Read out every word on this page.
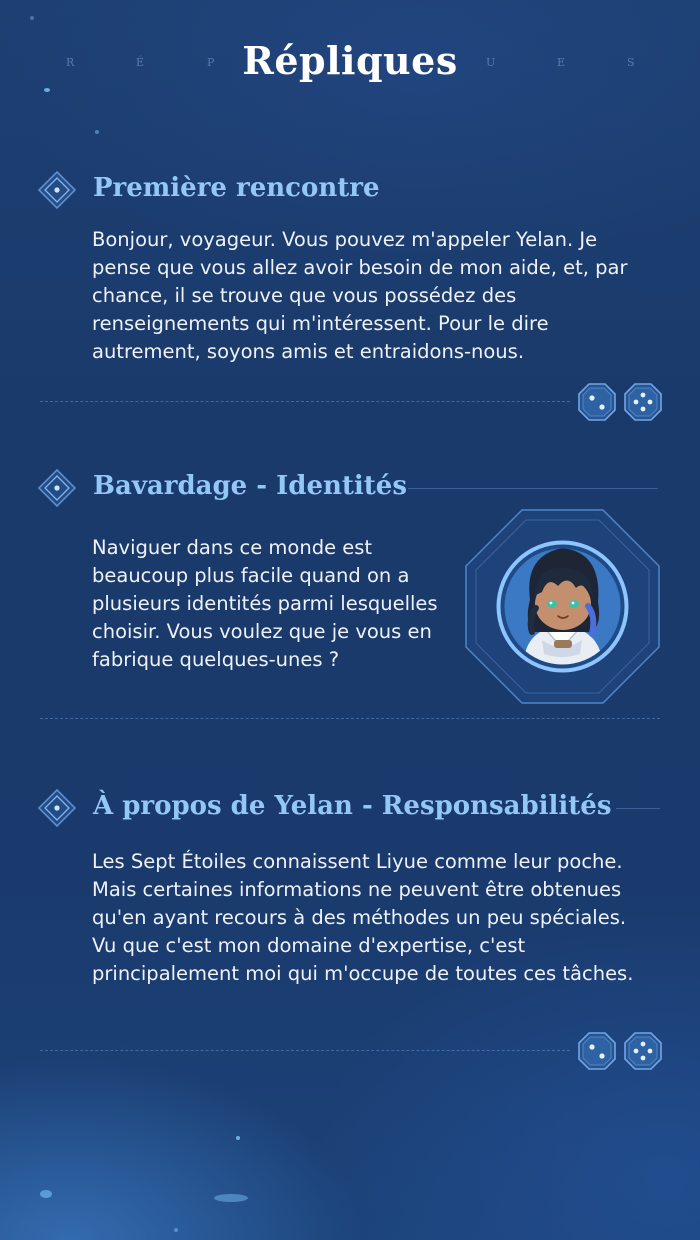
R	É	P	U	E	S
Répliques
Première rencontre
Bonjour, voyageur. Vous pouvez m'appeler Yelan. Je pense que vous allez avoir besoin de mon aide, et, par chance, il se trouve que vous possédez des renseignements qui m'intéressent. Pour le dire autrement, soyons amis et entraidons-nous.
Bavardage - Identités
Naviguer dans ce monde est beaucoup plus facile quand on a plusieurs identités parmi lesquelles choisir. Vous voulez que je vous en fabrique quelques-unes ?
À propos de Yelan - Responsabilités
Les Sept Étoiles connaissent Liyue comme leur poche. Mais certaines informations ne peuvent être obtenues qu'en ayant recours à des méthodes un peu spéciales. Vu que c'est mon domaine d'expertise, c'est principalement moi qui m'occupe de toutes ces tâches.
